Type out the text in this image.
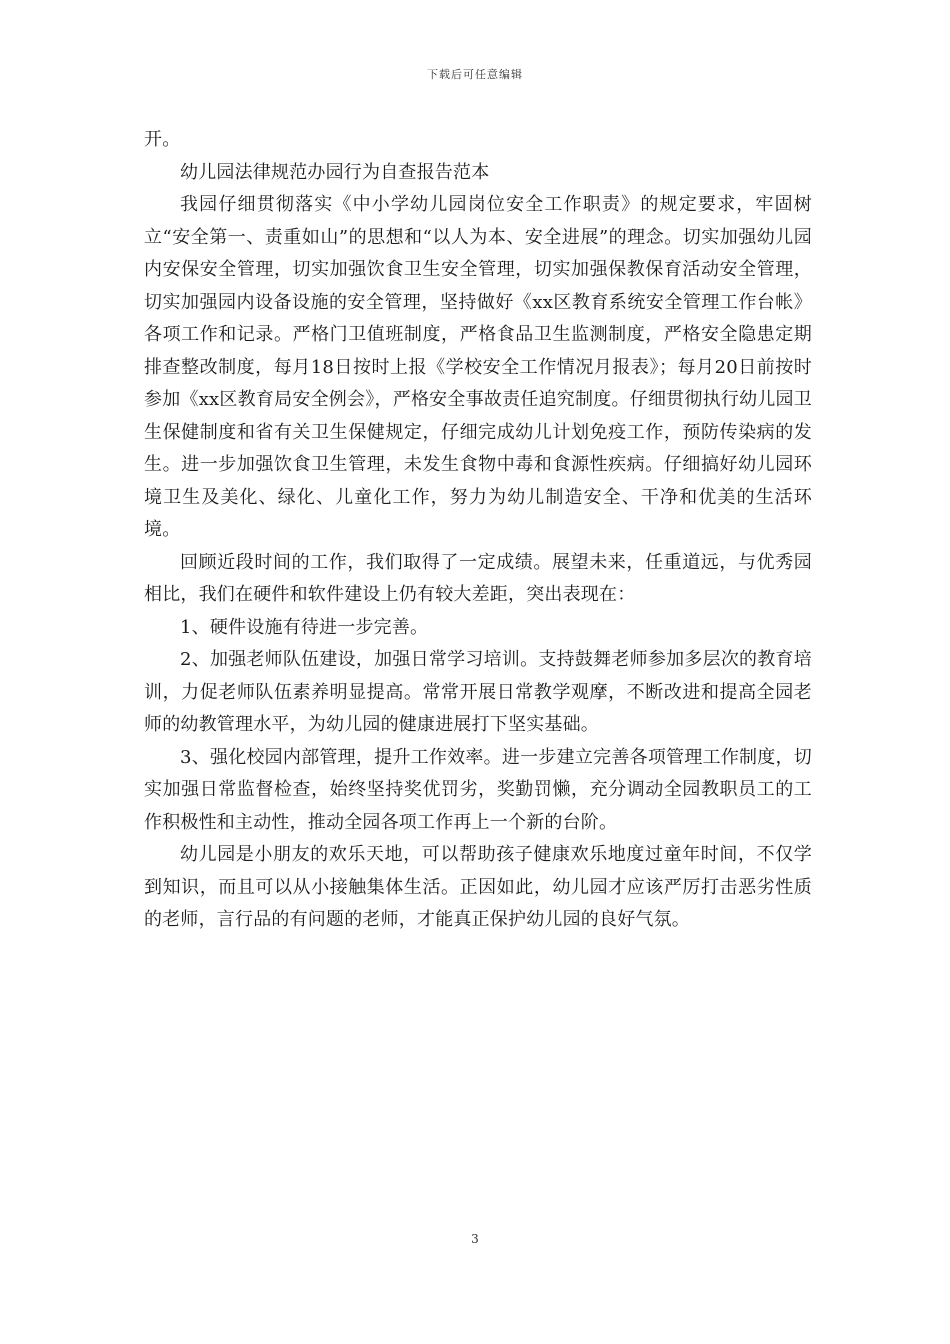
下载后可任意编辑

开。

幼儿园法律规范办园行为自查报告范本

我园仔细贯彻落实《中小学幼儿园岗位安全工作职责》的规定要求，牢固树立“安全第一、责重如山”的思想和“以人为本、安全进展”的理念。切实加强幼儿园内安保安全管理，切实加强饮食卫生安全管理，切实加强保教保育活动安全管理，切实加强园内设备设施的安全管理，坚持做好《xx区教育系统安全管理工作台帐》各项工作和记录。严格门卫值班制度，严格食品卫生监测制度，严格安全隐患定期排查整改制度，每月18日按时上报《学校安全工作情况月报表》；每月20日前按时参加《xx区教育局安全例会》，严格安全事故责任追究制度。仔细贯彻执行幼儿园卫生保健制度和省有关卫生保健规定，仔细完成幼儿计划免疫工作，预防传染病的发生。进一步加强饮食卫生管理，未发生食物中毒和食源性疾病。仔细搞好幼儿园环境卫生及美化、绿化、儿童化工作，努力为幼儿制造安全、干净和优美的生活环境。

回顾近段时间的工作，我们取得了一定成绩。展望未来，任重道远，与优秀园相比，我们在硬件和软件建设上仍有较大差距，突出表现在：

1、硬件设施有待进一步完善。

2、加强老师队伍建设，加强日常学习培训。支持鼓舞老师参加多层次的教育培训，力促老师队伍素养明显提高。常常开展日常教学观摩，不断改进和提高全园老师的幼教管理水平，为幼儿园的健康进展打下坚实基础。

3、强化校园内部管理，提升工作效率。进一步建立完善各项管理工作制度，切实加强日常监督检查，始终坚持奖优罚劣，奖勤罚懒，充分调动全园教职员工的工作积极性和主动性，推动全园各项工作再上一个新的台阶。

幼儿园是小朋友的欢乐天地，可以帮助孩子健康欢乐地度过童年时间，不仅学到知识，而且可以从小接触集体生活。正因如此，幼儿园才应该严厉打击恶劣性质的老师，言行品的有问题的老师，才能真正保护幼儿园的良好气氛。

3
